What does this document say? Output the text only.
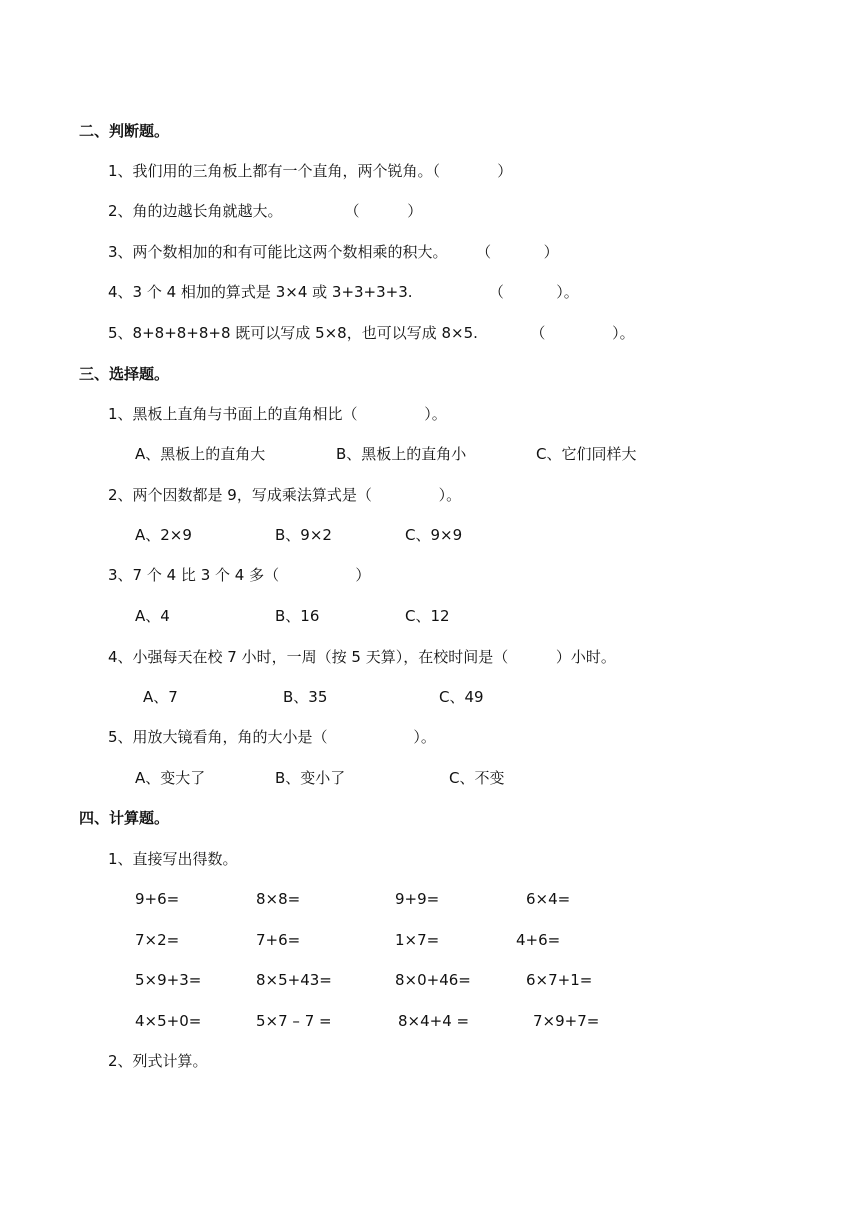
二、判断题。
1、我们用的三角板上都有一个直角，两个锐角。（            ）
2、角的边越长角就越大。             （          ）
3、两个数相加的和有可能比这两个数相乘的积大。      （           ）
4、3 个 4 相加的算式是 3×4 或 3+3+3+3.                （           ）。
5、8+8+8+8+8 既可以写成 5×8，也可以写成 8×5.           （              ）。
三、选择题。
1、黑板上直角与书面上的直角相比（              ）。
A、黑板上的直角大	B、黑板上的直角小	C、它们同样大
2、两个因数都是 9，写成乘法算式是（              ）。
A、2×9	B、9×2	C、9×9
3、7 个 4 比 3 个 4 多（                ）
A、4	B、16	C、12
4、小强每天在校 7 小时，一周（按 5 天算），在校时间是（          ）小时。
A、7	B、35	C、49
5、用放大镜看角，角的大小是（                  ）。
A、变大了	B、变小了	C、不变
四、计算题。
1、直接写出得数。
9+6=	8×8=	9+9=	6×4=
7×2=	7+6=	1×7=	4+6=
5×9+3=	8×5+43=	8×0+46=	6×7+1=
4×5+0=	5×7 – 7 =	8×4+4 =	7×9+7=
2、列式计算。
